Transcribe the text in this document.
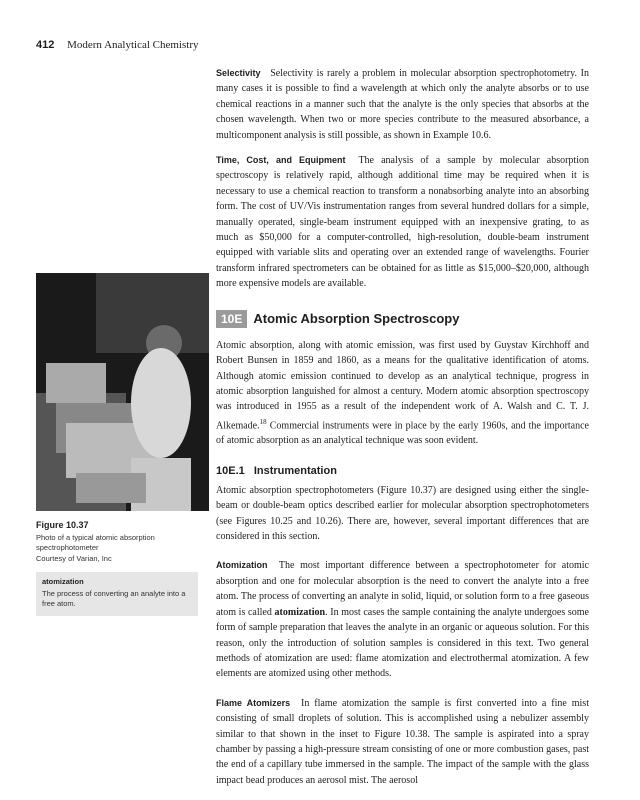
412 Modern Analytical Chemistry

Selectivity Selectivity is rarely a problem in molecular absorption spectrophotometry. In many cases it is possible to find a wavelength at which only the analyte absorbs or to use chemical reactions in a manner such that the analyte is the only species that absorbs at the chosen wavelength. When two or more species contribute to the measured absorbance, a multicomponent analysis is still possible, as shown in Example 10.6.

Time, Cost, and Equipment The analysis of a sample by molecular absorption spectroscopy is relatively rapid, although additional time may be required when it is necessary to use a chemical reaction to transform a nonabsorbing analyte into an absorbing form. The cost of UV/Vis instrumentation ranges from several hundred dollars for a simple, manually operated, single-beam instrument equipped with an inexpensive grating, to as much as $50,000 for a computer-controlled, high-resolution, double-beam instrument equipped with variable slits and operating over an extended range of wavelengths. Fourier transform infrared spectrometers can be obtained for as little as $15,000–$20,000, although more expensive models are available.

10E Atomic Absorption Spectroscopy

Atomic absorption, along with atomic emission, was first used by Guystav Kirchhoff and Robert Bunsen in 1859 and 1860, as a means for the qualitative identification of atoms. Although atomic emission continued to develop as an analytical technique, progress in atomic absorption languished for almost a century. Modern atomic absorption spectroscopy was introduced in 1955 as a result of the independent work of A. Walsh and C. T. J. Alkemade.$^{18}$ Commercial instruments were in place by the early 1960s, and the importance of atomic absorption as an analytical technique was soon evident.

10E.1 Instrumentation

Atomic absorption spectrophotometers (Figure 10.37) are designed using either the single-beam or double-beam optics described earlier for molecular absorption spectrophotometers (see Figures 10.25 and 10.26). There are, however, several important differences that are considered in this section.

Atomization The most important difference between a spectrophotometer for atomic absorption and one for molecular absorption is the need to convert the analyte into a free atom. The process of converting an analyte in solid, liquid, or solution form to a free gaseous atom is called atomization. In most cases the sample containing the analyte undergoes some form of sample preparation that leaves the analyte in an organic or aqueous solution. For this reason, only the introduction of solution samples is considered in this text. Two general methods of atomization are used: flame atomization and electrothermal atomization. A few elements are atomized using other methods.

Flame Atomizers In flame atomization the sample is first converted into a fine mist consisting of small droplets of solution. This is accomplished using a nebulizer assembly similar to that shown in the inset to Figure 10.38. The sample is aspirated into a spray chamber by passing a high-pressure stream consisting of one or more combustion gases, past the end of a capillary tube immersed in the sample. The impact of the sample with the glass impact bead produces an aerosol mist. The aerosol

Figure 10.37
Photo of a typical atomic absorption spectrophotometer
Courtesy of Varian, Inc
atomization
The process of converting an analyte into a free atom.
